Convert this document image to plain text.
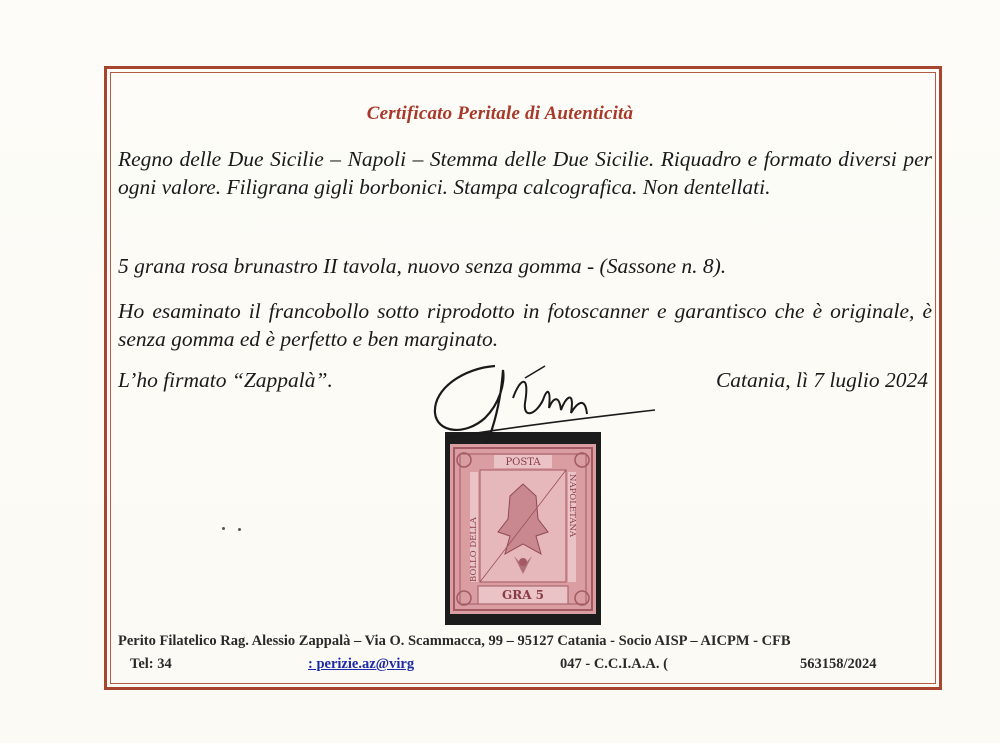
Certificato Peritale di Autenticità
Regno delle Due Sicilie – Napoli – Stemma delle Due Sicilie. Riquadro e formato diversi per ogni valore. Filigrana gigli borbonici. Stampa calcografica. Non dentellati.
5 grana rosa brunastro II tavola, nuovo senza gomma - (Sassone n. 8).
Ho esaminato il francobollo sotto riprodotto in fotoscanner e garantisco che è originale, è senza gomma ed è perfetto e ben marginato.
L’ho firmato “Zappalà”.	Catania, lì 7 luglio 2024
POSTA
GRA 5
BOLLO DELLA
NAPOLETANA
Perito Filatelico Rag. Alessio Zappalà – Via O. Scammacca, 99 – 95127 Catania - Socio AISP – AICPM - CFB
Tel: 34	: perizie.az@virg	047 - C.C.I.A.A. (	563158/2024
